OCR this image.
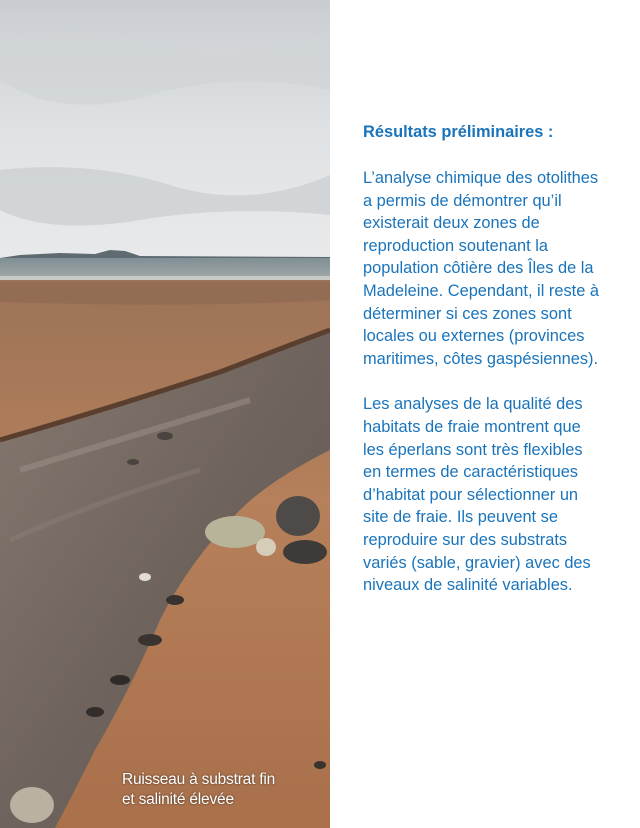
Ruisseau à substrat fin
et salinité élevée
Résultats préliminaires :
L’analyse chimique des otolithes
a permis de démontrer qu’il
existerait deux zones de
reproduction soutenant la
population côtière des Îles de la
Madeleine. Cependant, il reste à
déterminer si ces zones sont
locales ou externes (provinces
maritimes, côtes gaspésiennes).
Les analyses de la qualité des
habitats de fraie montrent que
les éperlans sont très flexibles
en termes de caractéristiques
d’habitat pour sélectionner un
site de fraie. Ils peuvent se
reproduire sur des substrats
variés (sable, gravier) avec des
niveaux de salinité variables.
